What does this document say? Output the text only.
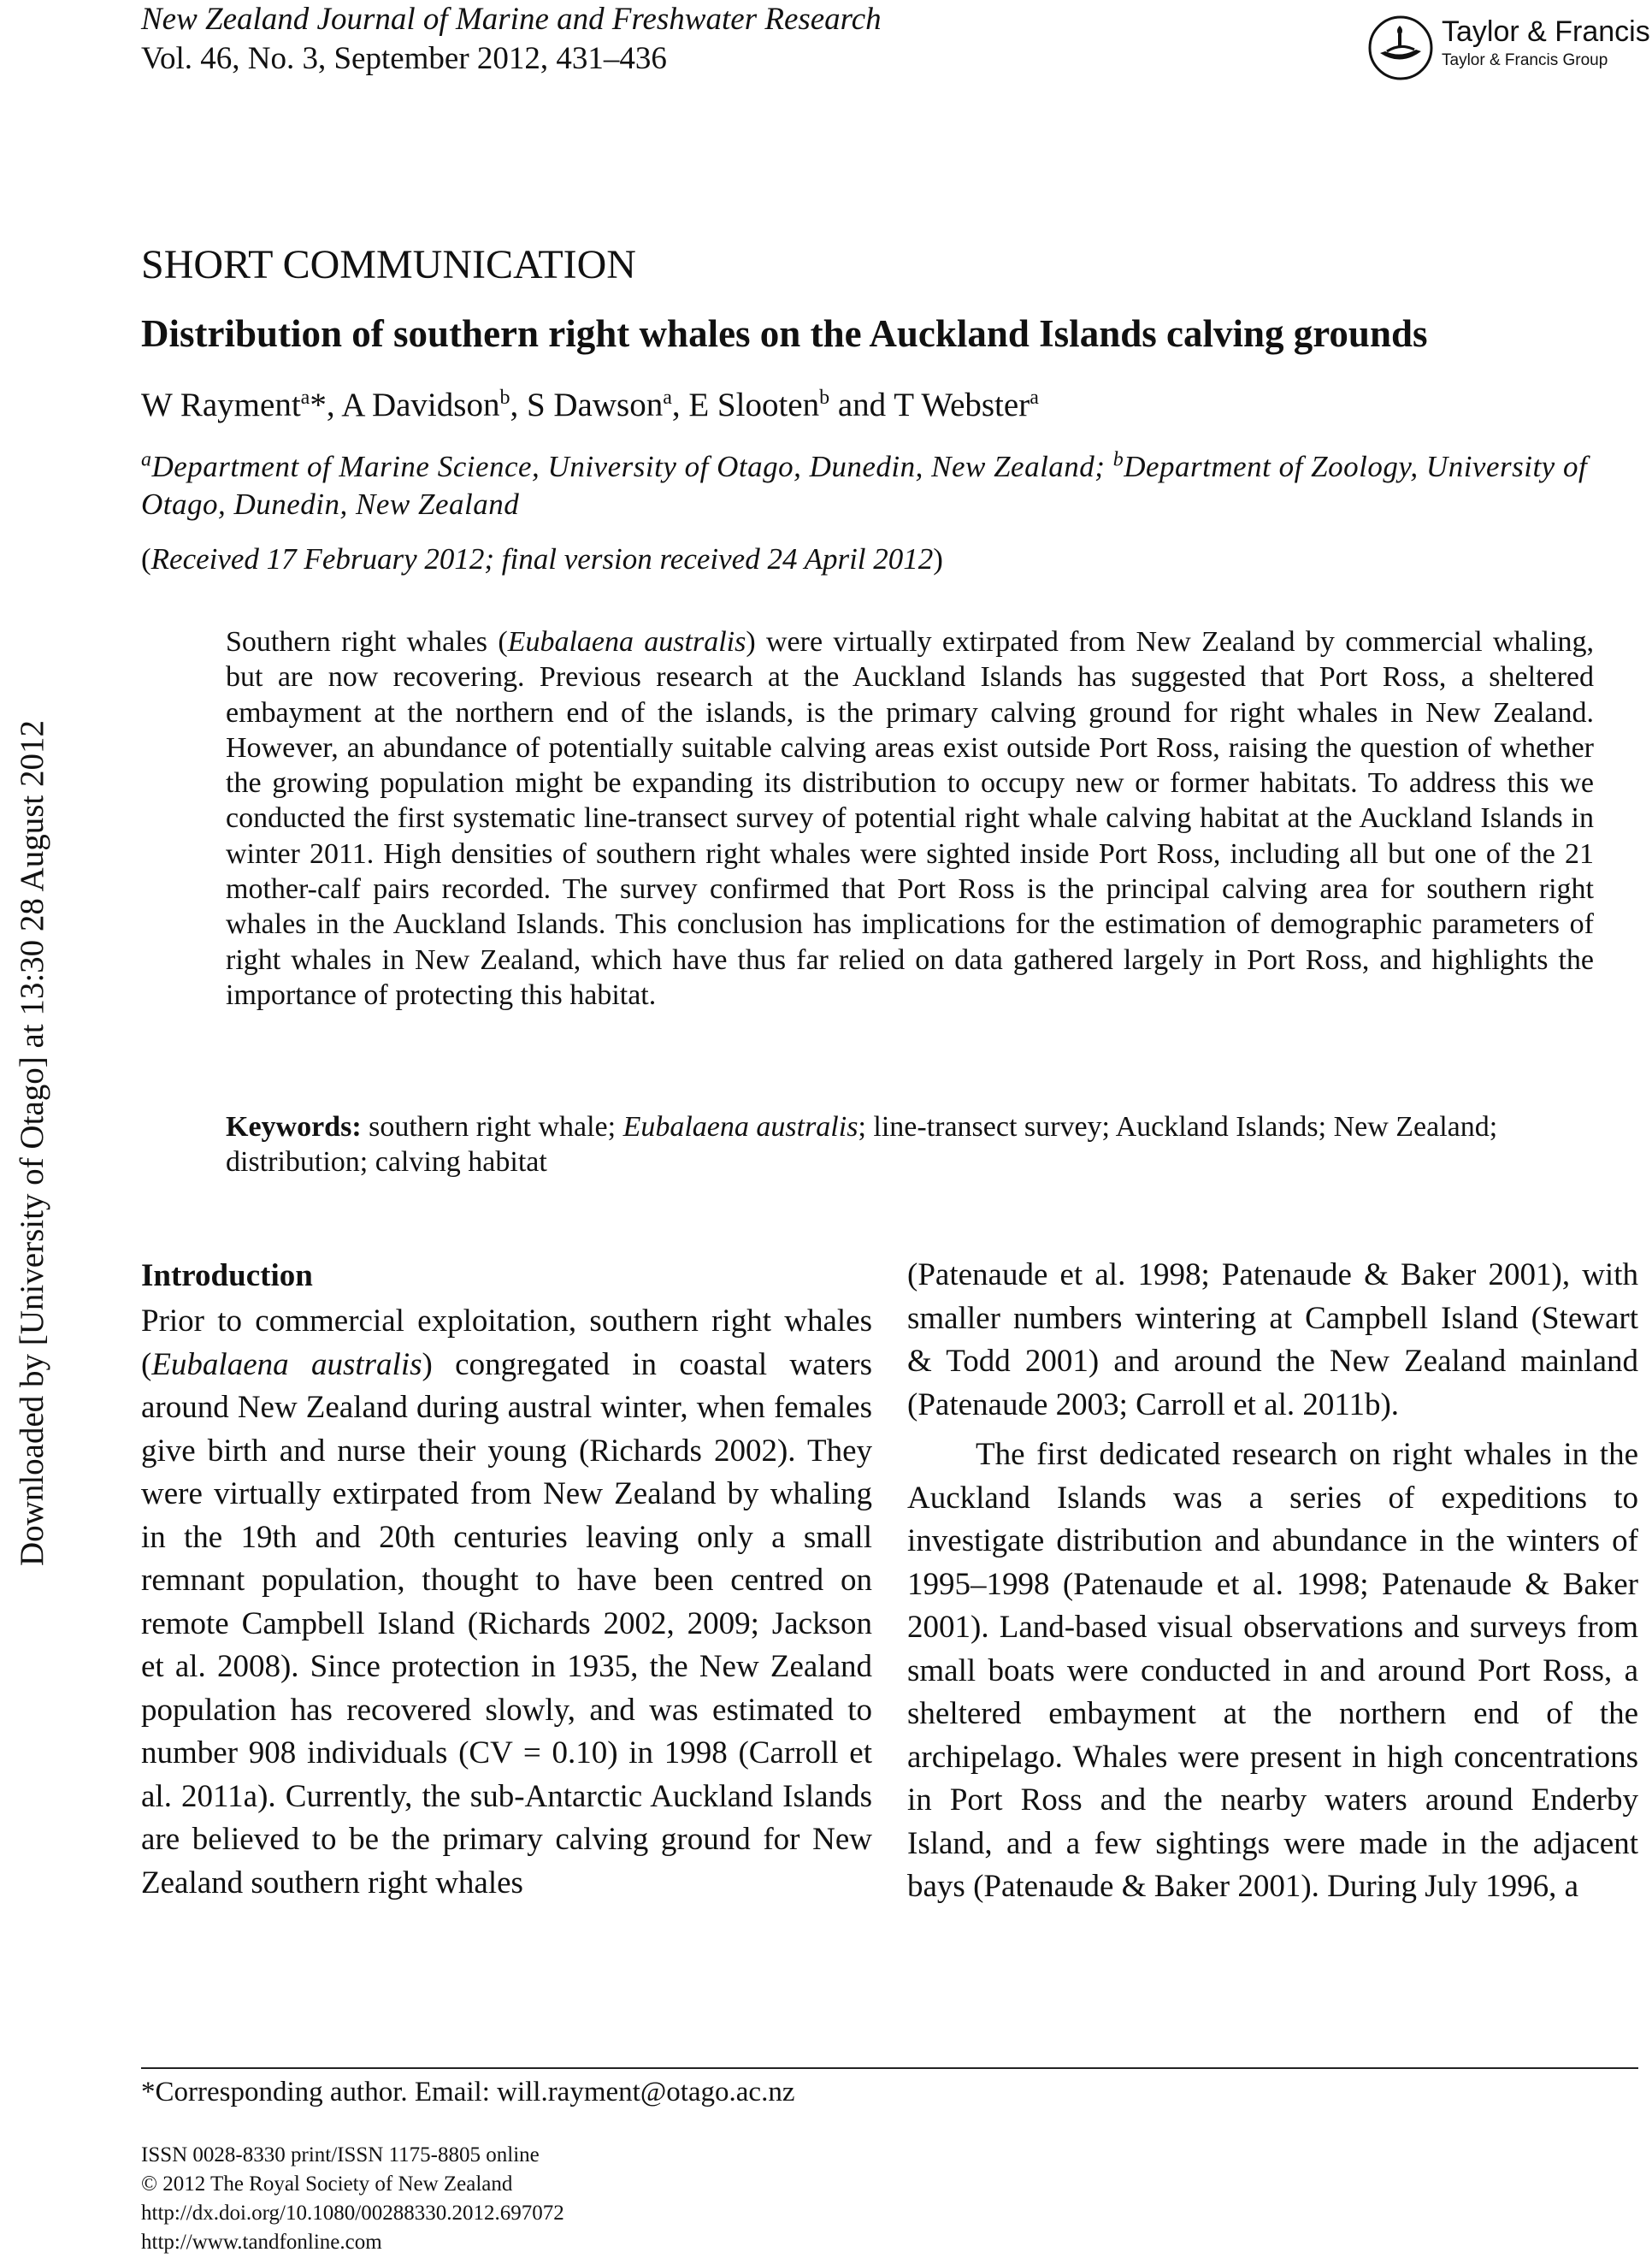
New Zealand Journal of Marine and Freshwater Research
Vol. 46, No. 3, September 2012, 431–436
Taylor & Francis
Taylor & Francis Group
Downloaded by [University of Otago] at 13:30 28 August 2012
SHORT COMMUNICATION
Distribution of southern right whales on the Auckland Islands calving grounds
W Rayment$^a$*, A Davidson$^b$, S Dawson$^a$, E Slooten$^b$ and T Webster$^a$
$^a$Department of Marine Science, University of Otago, Dunedin, New Zealand; $^b$Department of Zoology, University of Otago, Dunedin, New Zealand
(Received 17 February 2012; final version received 24 April 2012)
Southern right whales (Eubalaena australis) were virtually extirpated from New Zealand by commercial whaling, but are now recovering. Previous research at the Auckland Islands has suggested that Port Ross, a sheltered embayment at the northern end of the islands, is the primary calving ground for right whales in New Zealand. However, an abundance of potentially suitable calving areas exist outside Port Ross, raising the question of whether the growing population might be expanding its distribution to occupy new or former habitats. To address this we conducted the first systematic line-transect survey of potential right whale calving habitat at the Auckland Islands in winter 2011. High densities of southern right whales were sighted inside Port Ross, including all but one of the 21 mother-calf pairs recorded. The survey confirmed that Port Ross is the principal calving area for southern right whales in the Auckland Islands. This conclusion has implications for the estimation of demographic parameters of right whales in New Zealand, which have thus far relied on data gathered largely in Port Ross, and highlights the importance of protecting this habitat.
Keywords: southern right whale; Eubalaena australis; line-transect survey; Auckland Islands; New Zealand; distribution; calving habitat
Introduction
Prior to commercial exploitation, southern right whales (Eubalaena australis) congregated in coastal waters around New Zealand during austral winter, when females give birth and nurse their young (Richards 2002). They were virtually extirpated from New Zealand by whaling in the 19th and 20th centuries leaving only a small remnant population, thought to have been centred on remote Campbell Island (Richards 2002, 2009; Jackson et al. 2008). Since protection in 1935, the New Zealand population has recovered slowly, and was estimated to number 908 individuals (CV = 0.10) in 1998 (Carroll et al. 2011a). Currently, the sub-Antarctic Auckland Islands are believed to be the primary calving ground for New Zealand southern right whales
(Patenaude et al. 1998; Patenaude & Baker 2001), with smaller numbers wintering at Campbell Island (Stewart & Todd 2001) and around the New Zealand mainland (Patenaude 2003; Carroll et al. 2011b).
The first dedicated research on right whales in the Auckland Islands was a series of expeditions to investigate distribution and abundance in the winters of 1995–1998 (Patenaude et al. 1998; Patenaude & Baker 2001). Land-based visual observations and surveys from small boats were conducted in and around Port Ross, a sheltered embayment at the northern end of the archipelago. Whales were present in high concentrations in Port Ross and the nearby waters around Enderby Island, and a few sightings were made in the adjacent bays (Patenaude & Baker 2001). During July 1996, a
*Corresponding author. Email: will.rayment@otago.ac.nz
ISSN 0028-8330 print/ISSN 1175-8805 online
© 2012 The Royal Society of New Zealand
http://dx.doi.org/10.1080/00288330.2012.697072
http://www.tandfonline.com
